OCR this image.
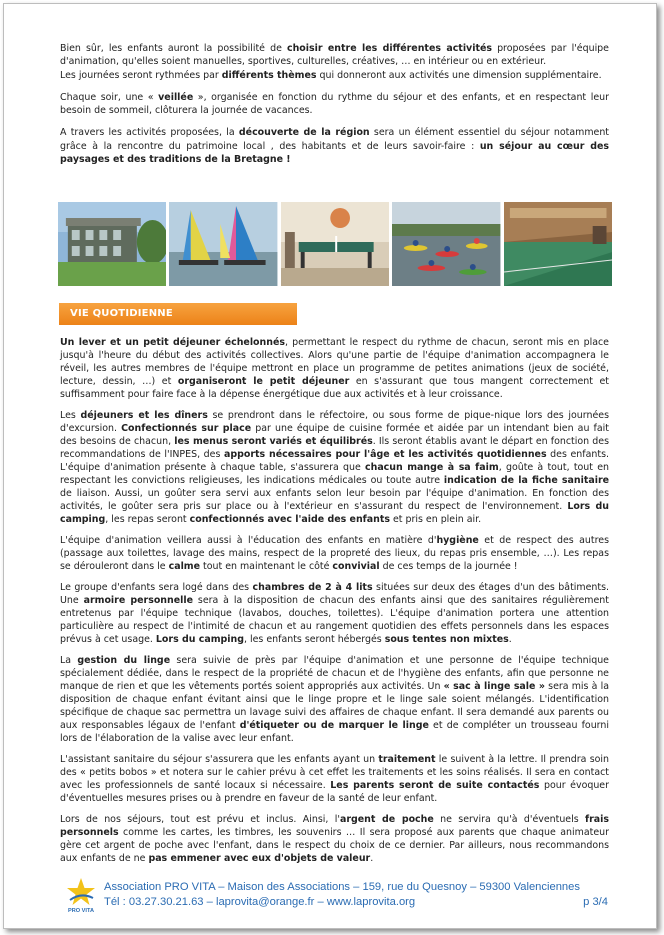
Bien sûr, les enfants auront la possibilité de choisir entre les différentes activités proposées par l'équipe d'animation, qu'elles soient manuelles, sportives, culturelles, créatives, … en intérieur ou en extérieur.
Les journées seront rythmées par différents thèmes qui donneront aux activités une dimension supplémentaire.

Chaque soir, une « veillée », organisée en fonction du rythme du séjour et des enfants, et en respectant leur besoin de sommeil, clôturera la journée de vacances.

A travers les activités proposées, la découverte de la région sera un élément essentiel du séjour notamment grâce à la rencontre du patrimoine local , des habitants et de leurs savoir-faire : un séjour au cœur des paysages et des traditions de la Bretagne !

VIE QUOTIDIENNE

Un lever et un petit déjeuner échelonnés, permettant le respect du rythme de chacun, seront mis en place jusqu'à l'heure du début des activités collectives. Alors qu'une partie de l'équipe d'animation accompagnera le réveil, les autres membres de l'équipe mettront en place un programme de petites animations (jeux de société, lecture, dessin, …) et organiseront le petit déjeuner en s'assurant que tous mangent correctement et suffisamment pour faire face à la dépense énergétique due aux activités et à leur croissance.

Les déjeuners et les dîners se prendront dans le réfectoire, ou sous forme de pique-nique lors des journées d'excursion. Confectionnés sur place par une équipe de cuisine formée et aidée par un intendant bien au fait des besoins de chacun, les menus seront variés et équilibrés. Ils seront établis avant le départ en fonction des recommandations de l'INPES, des apports nécessaires pour l'âge et les activités quotidiennes des enfants. L'équipe d'animation présente à chaque table, s'assurera que chacun mange à sa faim, goûte à tout, tout en respectant les convictions religieuses, les indications médicales ou toute autre indication de la fiche sanitaire de liaison. Aussi, un goûter sera servi aux enfants selon leur besoin par l'équipe d'animation. En fonction des activités, le goûter sera pris sur place ou à l'extérieur en s'assurant du respect de l'environnement. Lors du camping, les repas seront confectionnés avec l'aide des enfants et pris en plein air.

L'équipe d'animation veillera aussi à l'éducation des enfants en matière d'hygiène et de respect des autres (passage aux toilettes, lavage des mains, respect de la propreté des lieux, du repas pris ensemble, …). Les repas se dérouleront dans le calme tout en maintenant le côté convivial de ces temps de la journée !

Le groupe d'enfants sera logé dans des chambres de 2 à 4 lits situées sur deux des étages d'un des bâtiments. Une armoire personnelle sera à la disposition de chacun des enfants ainsi que des sanitaires régulièrement entretenus par l'équipe technique (lavabos, douches, toilettes). L'équipe d'animation portera une attention particulière au respect de l'intimité de chacun et au rangement quotidien des effets personnels dans les espaces prévus à cet usage. Lors du camping, les enfants seront hébergés sous tentes non mixtes.

La gestion du linge sera suivie de près par l'équipe d'animation et une personne de l'équipe technique spécialement dédiée, dans le respect de la propriété de chacun et de l'hygiène des enfants, afin que personne ne manque de rien et que les vêtements portés soient appropriés aux activités. Un « sac à linge sale » sera mis à la disposition de chaque enfant évitant ainsi que le linge propre et le linge sale soient mélangés. L'identification spécifique de chaque sac permettra un lavage suivi des affaires de chaque enfant. Il sera demandé aux parents ou aux responsables légaux de l'enfant d'étiqueter ou de marquer le linge et de compléter un trousseau fourni lors de l'élaboration de la valise avec leur enfant.

L'assistant sanitaire du séjour s'assurera que les enfants ayant un traitement le suivent à la lettre. Il prendra soin des « petits bobos » et notera sur le cahier prévu à cet effet les traitements et les soins réalisés. Il sera en contact avec les professionnels de santé locaux si nécessaire. Les parents seront de suite contactés pour évoquer d'éventuelles mesures prises ou à prendre en faveur de la santé de leur enfant.

Lors de nos séjours, tout est prévu et inclus. Ainsi, l'argent de poche ne servira qu'à d'éventuels frais personnels comme les cartes, les timbres, les souvenirs … Il sera proposé aux parents que chaque animateur gère cet argent de poche avec l'enfant, dans le respect du choix de ce dernier. Par ailleurs, nous recommandons aux enfants de ne pas emmener avec eux d'objets de valeur.

PRO VITA
Association PRO VITA – Maison des Associations – 159, rue du Quesnoy – 59300 Valenciennes
Tél : 03.27.30.21.63 – laprovita@orange.fr – www.laprovita.org	p 3/4
